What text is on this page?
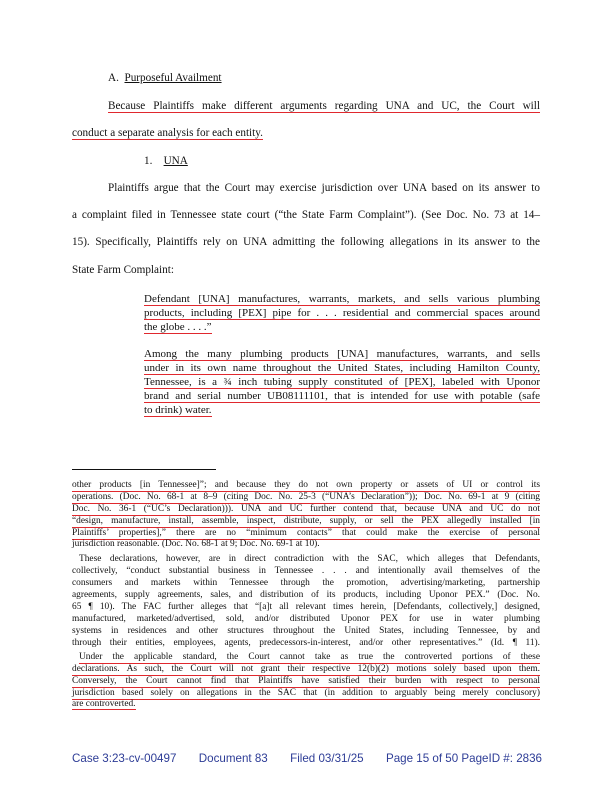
A. Purposeful Availment
Because Plaintiffs make different arguments regarding UNA and UC, the Court will
conduct a separate analysis for each entity.
1. UNA
Plaintiffs argue that the Court may exercise jurisdiction over UNA based on its answer to
a complaint filed in Tennessee state court (“the State Farm Complaint”). (See Doc. No. 73 at 14–
15). Specifically, Plaintiffs rely on UNA admitting the following allegations in its answer to the
State Farm Complaint:
Defendant [UNA] manufactures, warrants, markets, and sells various plumbing
products, including [PEX] pipe for . . . residential and commercial spaces around
the globe . . . .”
Among the many plumbing products [UNA] manufactures, warrants, and sells
under in its own name throughout the United States, including Hamilton County,
Tennessee, is a ¾ inch tubing supply constituted of [PEX], labeled with Uponor
brand and serial number UB08111101, that is intended for use with potable (safe
to drink) water.
other products [in Tennessee]”; and because they do not own property or assets of UI or control its
operations. (Doc. No. 68-1 at 8–9 (citing Doc. No. 25-3 (“UNA’s Declaration”)); Doc. No. 69-1 at 9 (citing
Doc. No. 36-1 (“UC’s Declaration))). UNA and UC further contend that, because UNA and UC do not
“design, manufacture, install, assemble, inspect, distribute, supply, or sell the PEX allegedly installed [in
Plaintiffs’ properties],” there are no “minimum contacts” that could make the exercise of personal
jurisdiction reasonable. (Doc. No. 68-1 at 9; Doc. No. 69-1 at 10).
These declarations, however, are in direct contradiction with the SAC, which alleges that Defendants,
collectively, “conduct substantial business in Tennessee . . . and intentionally avail themselves of the
consumers and markets within Tennessee through the promotion, advertising/marketing, partnership
agreements, supply agreements, sales, and distribution of its products, including Uponor PEX.” (Doc. No.
65 ¶ 10). The FAC further alleges that “[a]t all relevant times herein, [Defendants, collectively,] designed,
manufactured, marketed/advertised, sold, and/or distributed Uponor PEX for use in water plumbing
systems in residences and other structures throughout the United States, including Tennessee, by and
through their entities, employees, agents, predecessors-in-interest, and/or other representatives.” (Id. ¶ 11).
Under the applicable standard, the Court cannot take as true the controverted portions of these
declarations. As such, the Court will not grant their respective 12(b)(2) motions solely based upon them.
Conversely, the Court cannot find that Plaintiffs have satisfied their burden with respect to personal
jurisdiction based solely on allegations in the SAC that (in addition to arguably being merely conclusory)
are controverted.
Case 3:23-cv-00497 Document 83 Filed 03/31/25 Page 15 of 50 PageID #: 2836
